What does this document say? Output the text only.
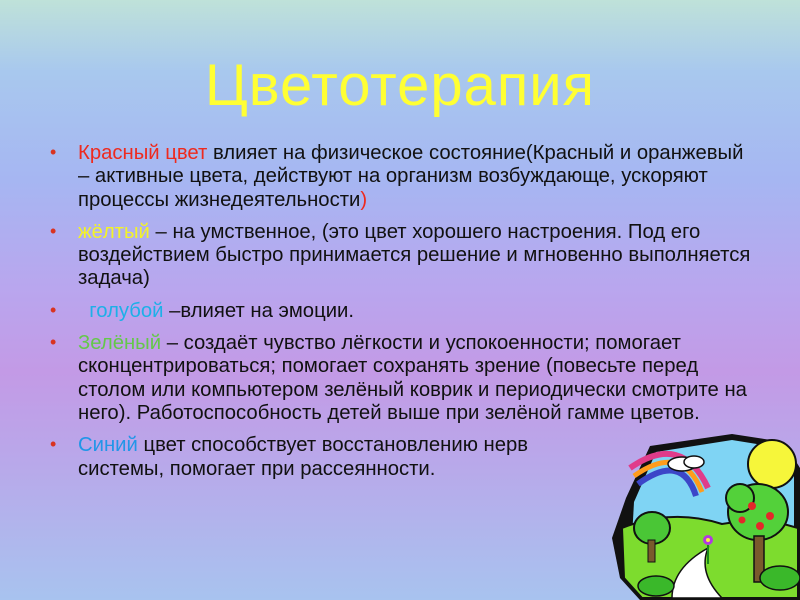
Цветотерапия
• Красный цвет влияет на физическое состояние(Красный и оранжевый – активные цвета, действуют на организм возбуждающе, ускоряют процессы жизнедеятельности)
• жёлтый – на умственное, (это цвет хорошего настроения. Под его воздействием быстро принимается решение и мгновенно выполняется задача)
• голубой –влияет на эмоции.
• Зелёный – создаёт чувство лёгкости и успокоенности; помогает сконцентрироваться; помогает сохранять зрение (повесьте перед столом или компьютером зелёный коврик и периодически смотрите на него). Работоспособность детей выше при зелёной гамме цветов.
• Синий цвет способствует восстановлению нерв
системы, помогает при рассеянности.
